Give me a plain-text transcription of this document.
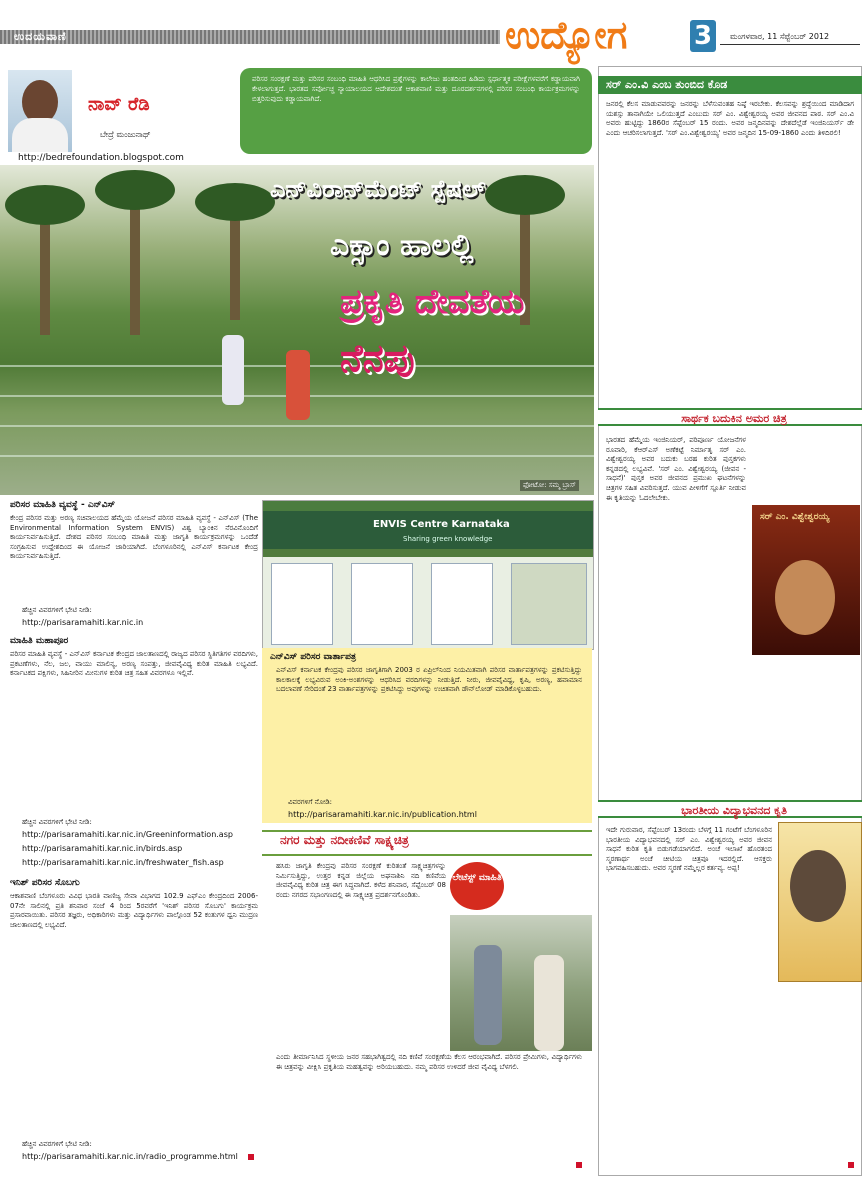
ಉದಯವಾಣಿ	ಉದ್ಯೋಗ	3	ಮಂಗಳವಾರ, 11 ಸೆಪ್ಟೆಂಬರ್ 2012
ನಾವ್ ರೆಡಿ
ಬೇದ್ರೆ ಮಂಜುನಾಥ್
http://bedrefoundation.blogspot.com
ಪರಿಸರ ಸಂರಕ್ಷಣೆ ಮತ್ತು ಪರಿಸರ ಸಂಬಂಧಿ ಮಾಹಿತಿ ಆಧರಿಸಿದ ಪ್ರಶ್ನೆಗಳನ್ನು ಕಾಲೇಜು ಹಂತದಿಂದ ಹಿಡಿದು ಸ್ಪರ್ಧಾತ್ಮಕ ಪರೀಕ್ಷೆಗಳವರೆಗೆ ಕಡ್ಡಾಯವಾಗಿ ಕೇಳಲಾಗುತ್ತದೆ. ಭಾರತದ ಸರ್ವೋಚ್ಚ ನ್ಯಾಯಾಲಯದ ಆದೇಶದಂತೆ ಆಕಾಶವಾಣಿ ಮತ್ತು ದೂರದರ್ಶನಗಳಲ್ಲಿ ಪರಿಸರ ಸಂಬಂಧಿ ಕಾರ್ಯಕ್ರಮಗಳನ್ನು ಬಿತ್ತರಿಸುವುದು ಕಡ್ಡಾಯವಾಗಿದೆ.
ಎನ್‌ವಿರಾನ್‌ಮೆಂಟ್ ಸ್ಪೆಷಲ್
ಎಕ್ಸಾಂ ಹಾಲಲ್ಲಿ
ಪ್ರಕೃತಿ ದೇವತೆಯ
ನೆನಪು
ಫೋಟೋ: ಸಮ್ಮ ಬ್ರಾಸ್
ಪರಿಸರ ಮಾಹಿತಿ ವ್ಯವಸ್ಥೆ - ಎನ್‌ವಿಸ್
ಕೇಂದ್ರ ಪರಿಸರ ಮತ್ತು ಅರಣ್ಯ ಸಚಿವಾಲಯದ ಹೆಮ್ಮೆಯ ಯೋಜನೆ ಪರಿಸರ ಮಾಹಿತಿ ವ್ಯವಸ್ಥೆ - ಎನ್‌ವಿಸ್ (The Environmental Information System ENVIS) ವಿಶ್ವ ಬ್ಯಾಂಕಿನ ನೆರವಿನೊಂದಿಗೆ ಕಾರ್ಯನಿರ್ವಹಿಸುತ್ತಿದೆ. ದೇಶದ ಪರಿಸರ ಸಂಬಂಧಿ ಮಾಹಿತಿ ಮತ್ತು ಜಾಗೃತಿ ಕಾರ್ಯಕ್ರಮಗಳನ್ನು ಒಂದೆಡೆ ಸಂಗ್ರಹಿಸುವ ಉದ್ದೇಶದಿಂದ ಈ ಯೋಜನೆ ಜಾರಿಯಾಗಿದೆ. ಬೆಂಗಳೂರಿನಲ್ಲಿ ಎನ್‌ವಿಸ್ ಕರ್ನಾಟಕ ಕೇಂದ್ರ ಕಾರ್ಯನಿರ್ವಹಿಸುತ್ತಿದೆ.
ಹೆಚ್ಚಿನ ವಿವರಗಳಿಗೆ ಭೇಟಿ ನೀಡಿ:
http://parisaramahiti.kar.nic.in
ಮಾಹಿತಿ ಮಹಾಪೂರ
ಪರಿಸರ ಮಾಹಿತಿ ವ್ಯವಸ್ಥೆ - ಎನ್‌ವಿಸ್ ಕರ್ನಾಟಕ ಕೇಂದ್ರದ ಜಾಲತಾಣದಲ್ಲಿ ರಾಜ್ಯದ ಪರಿಸರ ಸ್ಥಿತಿಗತಿಗಳ ವರದಿಗಳು, ಪ್ರಕಟಣೆಗಳು, ನೆಲ, ಜಲ, ವಾಯು ಮಾಲಿನ್ಯ, ಅರಣ್ಯ ಸಂಪತ್ತು, ಜೀವವೈವಿಧ್ಯ ಕುರಿತ ಮಾಹಿತಿ ಲಭ್ಯವಿದೆ. ಕರ್ನಾಟಕದ ಪಕ್ಷಿಗಳು, ಸಿಹಿನೀರಿನ ಮೀನುಗಳ ಕುರಿತ ಚಿತ್ರ ಸಹಿತ ವಿವರಗಳೂ ಇಲ್ಲಿವೆ.
ಹೆಚ್ಚಿನ ವಿವರಗಳಿಗೆ ಭೇಟಿ ನೀಡಿ:
http://parisaramahiti.kar.nic.in/Greeninformation.asp
http://parisaramahiti.kar.nic.in/birds.asp
http://parisaramahiti.kar.nic.in/freshwater_fish.asp
ಇನಿಶ್ ಪರಿಸರ ಸೊಬಗು
ಆಕಾಶವಾಣಿ ಬೆಂಗಳೂರು ವಿವಿಧ ಭಾರತಿ ವಾಣಿಜ್ಯ ಸೇವಾ ವಿಭಾಗದ 102.9 ಎಫ್‌ಎಂ ಕೇಂದ್ರದಿಂದ 2006-07ನೇ ಸಾಲಿನಲ್ಲಿ ಪ್ರತಿ ಶನಿವಾರ ಸಂಜೆ 4 ರಿಂದ 5ರವರೆಗೆ 'ಇನಿಶ್ ಪರಿಸರ ಸೊಬಗು' ಕಾರ್ಯಕ್ರಮ ಪ್ರಸಾರವಾಯಿತು. ಪರಿಸರ ತಜ್ಞರು, ಅಧಿಕಾರಿಗಳು ಮತ್ತು ವಿದ್ಯಾರ್ಥಿಗಳು ಪಾಲ್ಗೊಂಡ 52 ಕಂತುಗಳ ಧ್ವನಿ ಮುದ್ರಣ ಜಾಲತಾಣದಲ್ಲಿ ಲಭ್ಯವಿದೆ.
ಹೆಚ್ಚಿನ ವಿವರಗಳಿಗೆ ಭೇಟಿ ನೀಡಿ:
http://parisaramahiti.kar.nic.in/radio_programme.html
ENVIS Centre Karnataka
Sharing green knowledge
ಎನ್‌ವಿಸ್ ಪರಿಸರ ವಾರ್ತಾಪತ್ರ
ಎನ್‌ವಿಸ್ ಕರ್ನಾಟಕ ಕೇಂದ್ರವು ಪರಿಸರ ಜಾಗೃತಿಗಾಗಿ 2003 ರ ಏಪ್ರಿಲ್‌ನಿಂದ ನಿಯಮಿತವಾಗಿ ಪರಿಸರ ವಾರ್ತಾಪತ್ರಗಳನ್ನು ಪ್ರಕಟಿಸುತ್ತಿದ್ದು ಕಾಲಕಾಲಕ್ಕೆ ಲಭ್ಯವಿರುವ ಅಂಕಿ-ಅಂಶಗಳನ್ನು ಆಧರಿಸಿದ ವರದಿಗಳನ್ನು ನೀಡುತ್ತಿದೆ. ನೀರು, ಜೀವವೈವಿಧ್ಯ, ಕೃಷಿ, ಅರಣ್ಯ, ಹವಾಮಾನ ಬದಲಾವಣೆ ಸೇರಿದಂತೆ 23 ವಾರ್ತಾಪತ್ರಗಳನ್ನು ಪ್ರಕಟಿಸಿದ್ದು ಅವುಗಳನ್ನು ಉಚಿತವಾಗಿ ಡೌನ್‌ಲೋಡ್ ಮಾಡಿಕೊಳ್ಳಬಹುದು.
ವಿವರಗಳಿಗೆ ನೋಡಿ:
http://parisaramahiti.kar.nic.in/publication.html
ನಗರ ಮತ್ತು ನದೀಕಣಿವೆ ಸಾಕ್ಷ್ಯಚಿತ್ರ
ಹಸಿರು ಜಾಗೃತಿ ಕೇಂದ್ರವು ಪರಿಸರ ಸಂರಕ್ಷಣೆ ಕುರಿತಂತೆ ಸಾಕ್ಷ್ಯಚಿತ್ರಗಳನ್ನು ನಿರ್ಮಿಸುತ್ತಿದ್ದು, ಉತ್ತರ ಕನ್ನಡ ಜಿಲ್ಲೆಯ ಅಘನಾಶಿನಿ ನದಿ ಕಣಿವೆಯ ಜೀವವೈವಿಧ್ಯ ಕುರಿತ ಚಿತ್ರ ಈಗ ಸಿದ್ಧವಾಗಿದೆ. ಕಳೆದ ಶನಿವಾರ, ಸೆಪ್ಟೆಂಬರ್ 08 ರಂದು ನಗರದ ಸಭಾಂಗಣದಲ್ಲಿ ಈ ಸಾಕ್ಷ್ಯಚಿತ್ರ ಪ್ರದರ್ಶನಗೊಂಡಿತು.
ಲೇಟೆಸ್ಟ್ ಮಾಹಿತಿ
ಎಂದು ತೀರ್ಮಾನಿಸಿದ ಸ್ಥಳೀಯ ಜನರ ಸಹಭಾಗಿತ್ವದಲ್ಲಿ ನದಿ ಕಣಿವೆ ಸಂರಕ್ಷಣೆಯ ಕೆಲಸ ಆರಂಭವಾಗಿದೆ. ಪರಿಸರ ಪ್ರೇಮಿಗಳು, ವಿದ್ಯಾರ್ಥಿಗಳು ಈ ಚಿತ್ರವನ್ನು ವೀಕ್ಷಿಸಿ ಪ್ರಕೃತಿಯ ಮಹತ್ವವನ್ನು ಅರಿಯಬಹುದು. ನಮ್ಮ ಪರಿಸರ ಉಳಿದರೆ ಜೀವ ವೈವಿಧ್ಯ ಬೆಳಗಲಿ.
ಸರ್ ಎಂ.ವಿ ಎಂಬ ತುಂಬಿದ ಕೊಡ
ಜನರಲ್ಲಿ ಕೆಲಸ ಮಾಡುವವರನ್ನು ಜನರನ್ನು ಬೆಳೆಸುವಂತಹ ನಿಷ್ಠೆ ಇರಬೇಕು. ಕೆಲಸವನ್ನು ಶ್ರದ್ಧೆಯಿಂದ ಮಾಡಿದಾಗ ಯಶಸ್ಸು ತಾನಾಗಿಯೇ ಒಲಿಯುತ್ತದೆ ಎಂಬುದು ಸರ್ ಎಂ. ವಿಶ್ವೇಶ್ವರಯ್ಯ ಅವರ ಜೀವನದ ಪಾಠ. ಸರ್ ಎಂ.ವಿ ಅವರು ಹುಟ್ಟಿದ್ದು 1860ರ ಸೆಪ್ಟೆಂಬರ್ 15 ರಂದು. ಅವರ ಜನ್ಮದಿನವನ್ನು ದೇಶದೆಲ್ಲೆಡೆ ಇಂಜಿನಿಯರ್ಸ್ ಡೇ ಎಂದು ಆಚರಿಸಲಾಗುತ್ತದೆ. 'ಸರ್ ಎಂ.ವಿಶ್ವೇಶ್ವರಯ್ಯ' ಅವರ ಜನ್ಮದಿನ 15-09-1860 ಎಂದು ತಿಳಿದಿರಲಿ!
ಸಾರ್ಥಕ ಬದುಕಿನ ಅಮರ ಚಿತ್ರ
ಭಾರತದ ಹೆಮ್ಮೆಯ ಇಂಜಿನಿಯರ್, ಪರಿಪೂರ್ಣ ಯೋಜನೆಗಳ ರೂವಾರಿ, ಕೆಆರ್‌ಎಸ್ ಅಣೆಕಟ್ಟೆ ನಿರ್ಮಾತೃ ಸರ್ ಎಂ. ವಿಶ್ವೇಶ್ವರಯ್ಯ ಅವರ ಬದುಕು ಬರಹ ಕುರಿತ ಪುಸ್ತಕಗಳು ಕನ್ನಡದಲ್ಲಿ ಲಭ್ಯವಿವೆ. 'ಸರ್ ಎಂ. ವಿಶ್ವೇಶ್ವರಯ್ಯ (ಜೀವನ - ಸಾಧನೆ)' ಪುಸ್ತಕ ಅವರ ಜೀವನದ ಪ್ರಮುಖ ಘಟನೆಗಳನ್ನು ಚಿತ್ರಗಳ ಸಹಿತ ವಿವರಿಸುತ್ತದೆ. ಯುವ ಪೀಳಿಗೆಗೆ ಸ್ಪೂರ್ತಿ ನೀಡುವ ಈ ಕೃತಿಯನ್ನು ಓದಲೇಬೇಕು.
ಸರ್ ಎಂ. ವಿಶ್ವೇಶ್ವರಯ್ಯ
ಭಾರತೀಯ ವಿದ್ಯಾಭವನದ ಕೃತಿ
ಇದೇ ಗುರುವಾರ, ಸೆಪ್ಟೆಂಬರ್ 13ರಂದು ಬೆಳಗ್ಗೆ 11 ಗಂಟೆಗೆ ಬೆಂಗಳೂರಿನ ಭಾರತೀಯ ವಿದ್ಯಾಭವನದಲ್ಲಿ ಸರ್ ಎಂ. ವಿಶ್ವೇಶ್ವರಯ್ಯ ಅವರ ಜೀವನ ಸಾಧನೆ ಕುರಿತ ಕೃತಿ ಬಿಡುಗಡೆಯಾಗಲಿದೆ. ಅಂಚೆ ಇಲಾಖೆ ಹೊರತಂದ ಸ್ಮರಣಾರ್ಥ ಅಂಚೆ ಚೀಟಿಯ ಚಿತ್ರವೂ ಇದರಲ್ಲಿದೆ. ಆಸಕ್ತರು ಭಾಗವಹಿಸಬಹುದು. ಅವರ ಸ್ಮರಣೆ ನಮ್ಮೆಲ್ಲರ ಕರ್ತವ್ಯ. ಅಪ್ಪ!
